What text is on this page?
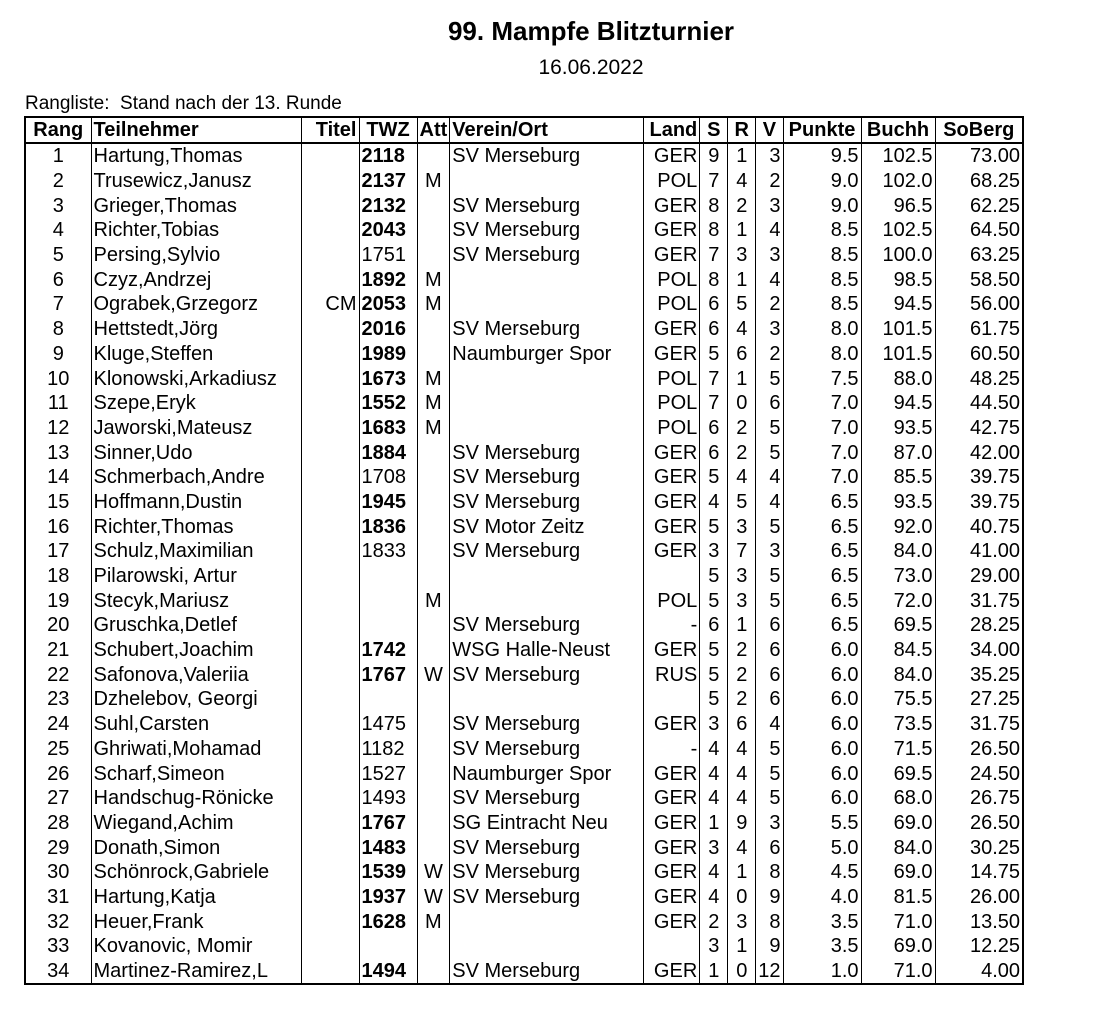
99. Mampfe Blitzturnier
16.06.2022
Rangliste:  Stand nach der 13. Runde
Rang	Teilnehmer	Titel	TWZ	Att	Verein/Ort	Land	S	R	V	Punkte	Buchh	SoBerg
1	Hartung,Thomas		2118		SV Merseburg	GER	9	1	3	9.5	102.5	73.00
2	Trusewicz,Janusz		2137	M		POL	7	4	2	9.0	102.0	68.25
3	Grieger,Thomas		2132		SV Merseburg	GER	8	2	3	9.0	96.5	62.25
4	Richter,Tobias		2043		SV Merseburg	GER	8	1	4	8.5	102.5	64.50
5	Persing,Sylvio		1751		SV Merseburg	GER	7	3	3	8.5	100.0	63.25
6	Czyz,Andrzej		1892	M		POL	8	1	4	8.5	98.5	58.50
7	Ograbek,Grzegorz	CM	2053	M		POL	6	5	2	8.5	94.5	56.00
8	Hettstedt,Jörg		2016		SV Merseburg	GER	6	4	3	8.0	101.5	61.75
9	Kluge,Steffen		1989		Naumburger Spor	GER	5	6	2	8.0	101.5	60.50
10	Klonowski,Arkadiusz		1673	M		POL	7	1	5	7.5	88.0	48.25
11	Szepe,Eryk		1552	M		POL	7	0	6	7.0	94.5	44.50
12	Jaworski,Mateusz		1683	M		POL	6	2	5	7.0	93.5	42.75
13	Sinner,Udo		1884		SV Merseburg	GER	6	2	5	7.0	87.0	42.00
14	Schmerbach,Andre		1708		SV Merseburg	GER	5	4	4	7.0	85.5	39.75
15	Hoffmann,Dustin		1945		SV Merseburg	GER	4	5	4	6.5	93.5	39.75
16	Richter,Thomas		1836		SV Motor Zeitz	GER	5	3	5	6.5	92.0	40.75
17	Schulz,Maximilian		1833		SV Merseburg	GER	3	7	3	6.5	84.0	41.00
18	Pilarowski, Artur						5	3	5	6.5	73.0	29.00
19	Stecyk,Mariusz			M		POL	5	3	5	6.5	72.0	31.75
20	Gruschka,Detlef				SV Merseburg	-	6	1	6	6.5	69.5	28.25
21	Schubert,Joachim		1742		WSG Halle-Neust	GER	5	2	6	6.0	84.5	34.00
22	Safonova,Valeriia		1767	W	SV Merseburg	RUS	5	2	6	6.0	84.0	35.25
23	Dzhelebov, Georgi						5	2	6	6.0	75.5	27.25
24	Suhl,Carsten		1475		SV Merseburg	GER	3	6	4	6.0	73.5	31.75
25	Ghriwati,Mohamad		1182		SV Merseburg	-	4	4	5	6.0	71.5	26.50
26	Scharf,Simeon		1527		Naumburger Spor	GER	4	4	5	6.0	69.5	24.50
27	Handschug-Rönicke		1493		SV Merseburg	GER	4	4	5	6.0	68.0	26.75
28	Wiegand,Achim		1767		SG Eintracht Neu	GER	1	9	3	5.5	69.0	26.50
29	Donath,Simon		1483		SV Merseburg	GER	3	4	6	5.0	84.0	30.25
30	Schönrock,Gabriele		1539	W	SV Merseburg	GER	4	1	8	4.5	69.0	14.75
31	Hartung,Katja		1937	W	SV Merseburg	GER	4	0	9	4.0	81.5	26.00
32	Heuer,Frank		1628	M		GER	2	3	8	3.5	71.0	13.50
33	Kovanovic, Momir						3	1	9	3.5	69.0	12.25
34	Martinez-Ramirez,L		1494		SV Merseburg	GER	1	0	12	1.0	71.0	4.00
